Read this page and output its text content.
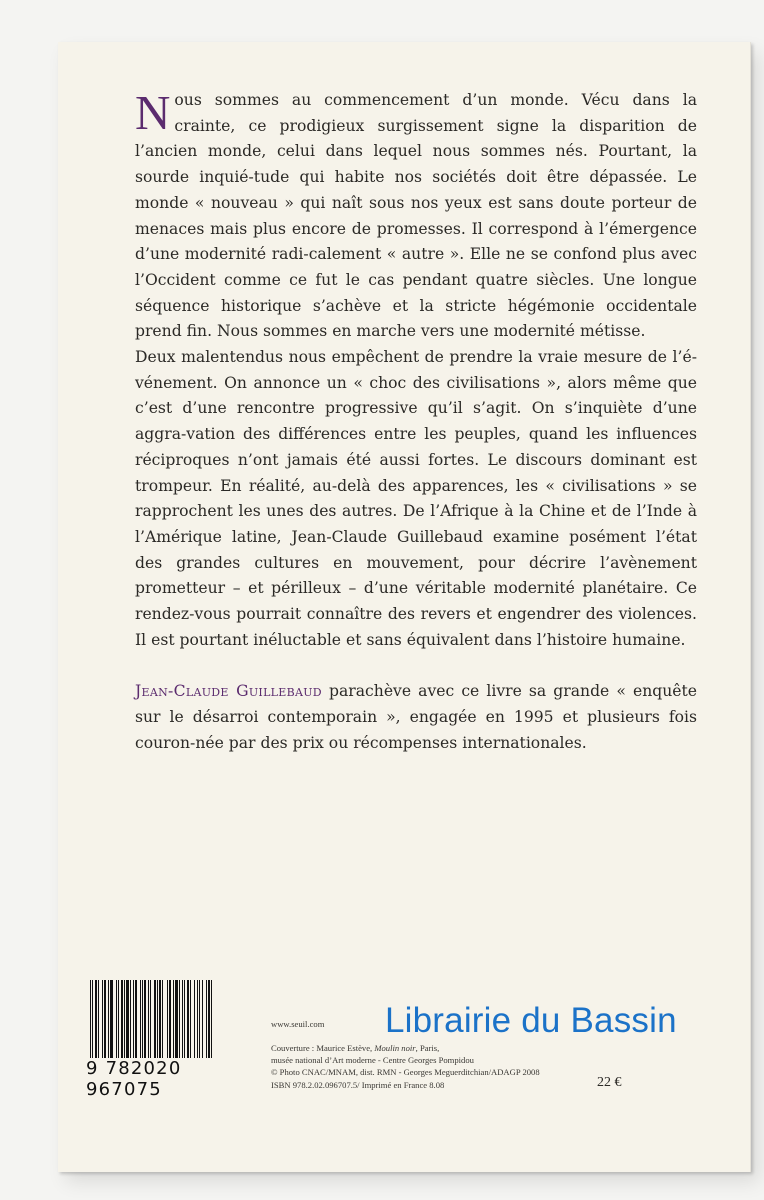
Nous sommes au commencement d’un monde. Vécu dans la crainte, ce prodigieux surgissement signe la disparition de l’ancien monde, celui dans lequel nous sommes nés. Pourtant, la sourde inquié-tude qui habite nos sociétés doit être dépassée. Le monde « nouveau » qui naît sous nos yeux est sans doute porteur de menaces mais plus encore de promesses. Il correspond à l’émergence d’une modernité radi-calement « autre ». Elle ne se confond plus avec l’Occident comme ce fut le cas pendant quatre siècles. Une longue séquence historique s’achève et la stricte hégémonie occidentale prend fin. Nous sommes en marche vers une modernité métisse.

Deux malentendus nous empêchent de prendre la vraie mesure de l’é-vénement. On annonce un « choc des civilisations », alors même que c’est d’une rencontre progressive qu’il s’agit. On s’inquiète d’une aggra-vation des différences entre les peuples, quand les influences réciproques n’ont jamais été aussi fortes. Le discours dominant est trompeur. En réalité, au-delà des apparences, les « civilisations » se rapprochent les unes des autres. De l’Afrique à la Chine et de l’Inde à l’Amérique latine, Jean-Claude Guillebaud examine posément l’état des grandes cultures en mouvement, pour décrire l’avènement prometteur – et périlleux – d’une véritable modernité planétaire. Ce rendez-vous pourrait connaître des revers et engendrer des violences. Il est pourtant inéluctable et sans équivalent dans l’histoire humaine.

Jean-Claude Guillebaud parachève avec ce livre sa grande « enquête sur le désarroi contemporain », engagée en 1995 et plusieurs fois couron-née par des prix ou récompenses internationales.

9 782020 967075
www.seuil.com
Couverture : Maurice Estève, Moulin noir, Paris,
musée national d’Art moderne - Centre Georges Pompidou
© Photo CNAC/MNAM, dist. RMN - Georges Meguerditchian/ADAGP 2008
ISBN 978.2.02.096707.5/ Imprimé en France 8.08	22 €
Librairie du Bassin
